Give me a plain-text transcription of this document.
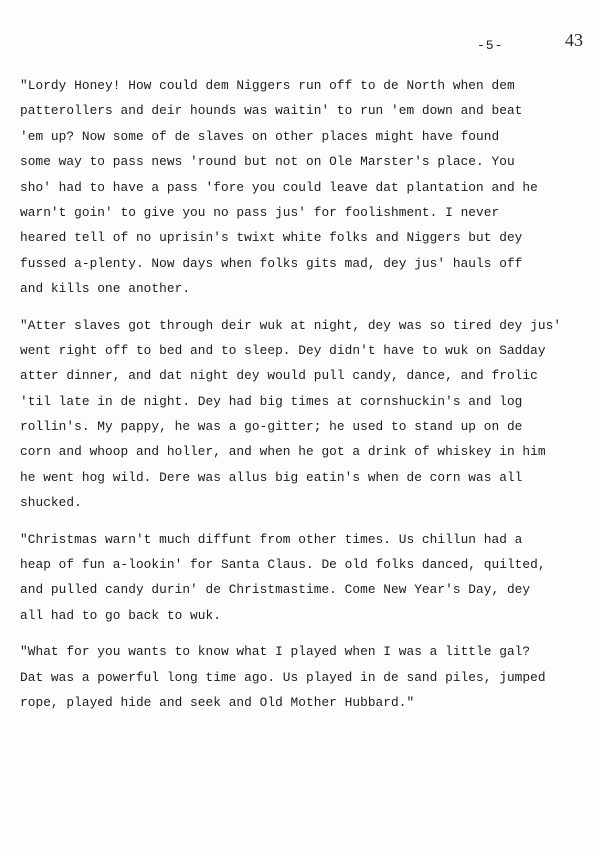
-5-	43
"Lordy Honey! How could dem Niggers run off to de North when dem
patterollers and deir hounds was waitin' to run 'em down and beat
'em up? Now some of de slaves on other places might have found
some way to pass news 'round but not on Ole Marster's place. You
sho' had to have a pass 'fore you could leave dat plantation and he
warn't goin' to give you no pass jus' for foolishment. I never
heared tell of no uprisin's twixt white folks and Niggers but dey
fussed a-plenty. Now days when folks gits mad, dey jus' hauls off
and kills one another.
"Atter slaves got through deir wuk at night, dey was so tired dey jus'
went right off to bed and to sleep. Dey didn't have to wuk on Sadday
atter dinner, and dat night dey would pull candy, dance, and frolic
'til late in de night. Dey had big times at cornshuckin's and log
rollin's. My pappy, he was a go-gitter; he used to stand up on de
corn and whoop and holler, and when he got a drink of whiskey in him
he went hog wild. Dere was allus big eatin's when de corn was all
shucked.
"Christmas warn't much diffunt from other times. Us chillun had a
heap of fun a-lookin' for Santa Claus. De old folks danced, quilted,
and pulled candy durin' de Christmastime. Come New Year's Day, dey
all had to go back to wuk.
"What for you wants to know what I played when I was a little gal?
Dat was a powerful long time ago. Us played in de sand piles, jumped
rope, played hide and seek and Old Mother Hubbard."
